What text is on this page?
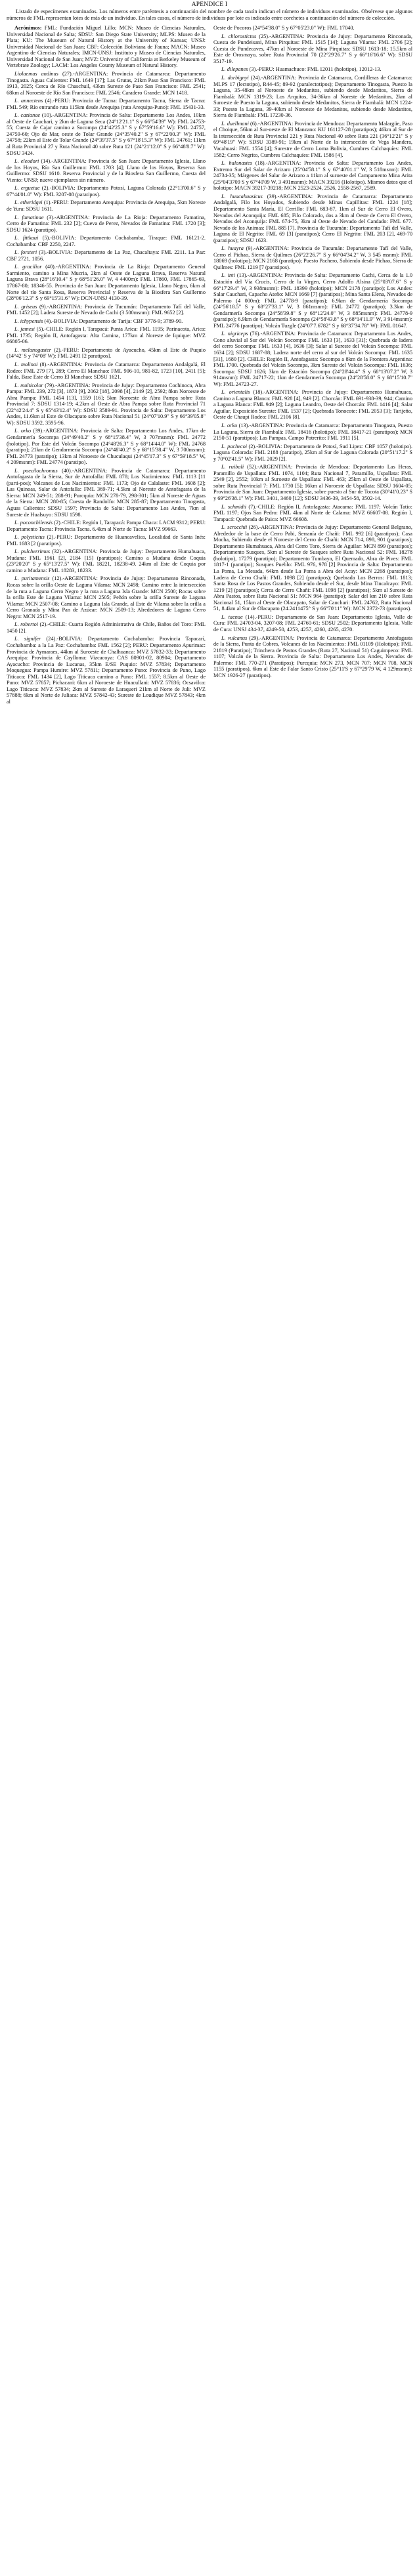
APENDICE I
Listado de especímenes examinados. Los números entre paréntesis a continuación del nombre de cada taxón indican el número de individuos examinados. Obsérvese que algunos números de FML representan lotes de más de un individuo. En tales casos, el número de individuos por lote es indicado entre corchetes a continuación del número de colección.

Acrónimos: FML: Fundación Miguel Lillo; MCN: Museo de Ciencias Naturales, Universidad Nacional de Salta; SDSU: San Diego State University; MLPS: Museo de la Plata; KU: The Museum of Natural History at the University of Kansas; UNSJ: Universidad Nacional de San Juan; CBF: Colección Boliviana de Fauna; MACN: Museo Argentino de Ciencias Naturales; IMCN-UNSJ: Instituto y Museo de Ciencias Naturales, Universidad Nacional de San Juan; MVZ: University of California at Berkeley Museum of Vertebrate Zoology; LACM: Los Angeles County Museum of Natural History.

Liolaemus andinus (27).-ARGENTINA: Provincia de Catamarca: Departamento Tinogasta. Aguas Calientes: FML 1649 [17]; Las Grutas, 21km Paso San Francisco: FML 1913, 2025; Cerca de Río Chaschuil, 43km Sureste de Paso San Francisco: FML 2541; 68km al Noroeste de Río San Francisco: FML 2546; Caradero Grande: MCN 1418.

L. annectens (4).-PERU: Provincia de Tacna: Departamento Tacna, Sierra de Tacna: FML 549; Río entrando ruta 115km desde Arequipa (ruta Arequipa-Puno): FML 15431-33.

L. cazianae (10).-ARGENTINA: Provincia de Salta: Departamento Los Andes, 10km al Oeste de Cauchari, y 2km de Laguna Seca (24°12'21.1" S y 66°54'39" W): FML 24753-55; Cuesta de Cajar camino a Socompa (24°42'25.3" S y 67°59'16.6" W): FML 24757, 24759-60; Ojo de Mar, oeste de Tolar Grande (24°35'40.2" S y 67°22'00.3" W): FML 24758; 22km al Este de Tolar Grande (24°39'37.5" S y 67°18'15.3" W): FML 24761; 11km al Ruta Provincial 27 y Ruta Nacional 40 sobre Ruta 121 (24°21'12.0" S y 66°48'8.7" W): SDSU 3424.

L. eleodori (14).-ARGENTINA: Provincia de San Juan: Departamento Iglesia, Llano de los Hoyos, Río San Guillermo: FML 1703 [4]; Llano de los Hoyos, Reserva San Guillermo: SDSU 1610. Reserva Provincial y de la Biosfera San Guillermo, Cuesta del Viento: UNSJ; nueve ejemplares sin número.

L. erguetae (2).-BOLIVIA: Departamento Potosí, Laguna Colorada (22°13'00.6" S y 67°44'01.0" W): FML 3207-08 (paratipos).

L. etheridgei (1).-PERU: Departamento Arequipa: Provincia de Arequipa, 5km Noreste de Yura: SDSU 1611.

L. famatinae (3).-ARGENTINA: Provincia de La Rioja: Departamento Famatina, Cerro de Famatina: FML 232 [2]; Cueva de Perez, Nevados de Famatina: FML 1720 [3]; SDSU 1624 (paratipo).

L. fittkaui (5).-BOLIVIA: Departamento Cochabamba, Tiraque: FML 16121-2. Cochabamba: CBF 2250, 2247.

L. forsteri (3).-BOLIVIA: Departamento de La Paz, Chacaltaya: FML 2211. La Paz: CBF 2721, 1056.

L. gracilior (40).-ARGENTINA: Provincia de La Rioja: Departamento General Sarmiento, camino a Mina Mucria, 2km al Oeste de Laguna Brava, Reserva Natural Laguna Brava (28°16'10.4" S y 68°51'26.0" W, 4 4400m): FML 17860, FML 17865-69, 17867-80; 18346-55. Provincia de San Juan: Departamento Iglesia, Llano Negro, 6km al Norte del río Santa Rosa, Reserva Provincial y Reserva de la Biosfera San Guillermo (28°06'12.3" S y 69°15'31.6" W): DCN-UNSJ 4130-39.

L. griseus (9).-ARGENTINA: Provincia de Tucumán: Departamento Tafí del Valle, FML 1452 [2]; Ladera Sureste de Nevado de Cachi (3 500msnm): FML 9652 [2].

L. ichypensis (4).-BOLIVIA: Departamento de Tarija: CBF 3778-9; 3789-90.

L. jamesi (5).-CHILE: Región I, Tarapacá: Punta Arica: FML 1195; Parinacota, Arica: FML 1735; Región II, Antofagasta: Alta Camina, 177km al Noreste de Iquique: MVZ 66805-06.

L. melanogaster (2).-PERU: Departamento de Ayacucho, 45km al Este de Puquio (14°42' S y 74°08' W): FML 2491 [2 paratipos].

L. molinai (8).-ARGENTINA: Provincia de Catamarca: Departamento Andalgalá, El Rodeo: FML 279 [7], 289; Cerro El Manchao: FML 906-10, 981-82, 1723 [10], 2411 [5]; Falda, Base Este de Cerro El Manchao: SDSU 1621.

L. multicolor (79).-ARGENTINA: Provincia de Jujuy: Departamento Cochinoca, Abra Pampa: FML 239, 272 [3], 1873 [9], 2062 [18], 2098 [4], 2149 [2], 2592; 8km Noroeste de Abra Pampa: FML 1454 [13], 1559 [16]; 5km Noroeste de Abra Pampa sobre Ruta Provincial 7: SDSU 1314-19; 4.2km al Oeste de Abra Pampa sobre Ruta Provincial 71 (22°42'24.4" S y 65°43'12.4" W): SDSU 3589-91. Provincia de Salta: Departamento Los Andes, 11.6km al Este de Olacapato sobre Ruta Nacional 51 (24°07'10.9" S y 66°39'05.8" W): SDSU 3592, 3595-96.

L. orko (39).-ARGENTINA: Provincia de Salta: Departamento Los Andes, 17km de Gendarmería Socompa (24°49'40.2" S y 68°15'38.4" W, 3 707msnm): FML 24772 (holotipo). Por Este del Volcán Socompa (24°48'26.3" S y 68°14'44.0" W): FML 24768 (paratipo); 21km de Gendarmería Socompa (24°48'40.2" S y 68°15'38.4" W, 3 700msnm): FML 24773 (paratipo); 13km al Noroeste de Chuculaqui (24°45'17.3" S y 67°59'18.5" W, 4 209msnm): FML 24774 (paratipo).

L. poecilochromus (40).-ARGENTINA: Provincia de Catamarca: Departamento Antofagasta de la Sierra, Sur de Antofalla: FML 878; Los Nacimientos: FML 1113 [11 (parti-pos); Volcanes de Los Nacimientos: FML 1173; Ojo de Calalaste: FML 1608 [2]; Las Quinoas, Salar de Antofalla: FML 369-71; 4.5km al Noreste de Antofagasta de la Sierra: MCN 249-51; 288-91; Purcquia: MCN 278-79, 298-301; 5km al Noreste de Aguas de la Sierra: MCN 280-85; Cuesta de Randolfo: MCN 285-87; Departamento Tinogasta, Aguas Calientes: SDSU 1597; Provincia de Salta: Departamento Los Andes, 7km al Sureste de Hualsuyo: SDSU 1598.

L. poconchilensis (2).-CHILE: Región I, Tarapacá: Pampa Chaca: LACM 9312; PERU: Departamento Tacna: Provincia Tacna. 6.4km al Norte de Tacna: MVZ 99663.

L. polystictus (2).-PERU: Departamento de Huancavelica, Localidad de Santa Inés: FML 1683 [2 (paratipos).

L. pulcherrimus (32).-ARGENTINA: Provincia de Jujuy: Departamento Humahuaca, Mudana: FML 1961 [2], 2184 [15] (paratipos); Camino a Mudana desde Coquia (23°20'20" S y 65°13'27.5" W): FML 18221, 18238-49. 24km al Este de Coquia por camino a Mudana: FML 18283, 18233.

L. puritamensis (12).-ARGENTINA: Provincia de Jujuy: Departamento Rinconada, Rocas sobre la orilla Oeste de Laguna Vilama: MCN 2498; Camino entre la intersección de la ruta a Laguna Cerro Negro y la ruta a Laguna Isla Grande: MCN 2500; Rocas sobre la orilla Este de Laguna Vilama: MCN 2505; Peñón sobre la orilla Sureste de Laguna Vilama: MCN 2507-08; Camino a Laguna Isla Grande, al Este de Vilama sobre la orilla a Cerro Granada y Mina Pan de Azúcar: MCN 2509-13; Alrededores de Laguna Cerro Negro: MCN 2517-19.

L. robertoi (2).-CHILE: Cuarta Región Administrativa de Chile, Baños del Toro: FML 1450 [2].

L. signifer (24).-BOLIVIA: Departamento Cochabamba: Provincia Tapacarí, Cochabamba: a la La Paz: Cochabamba: FML 1562 [2]; PERU: Departamento Apurimac: Provincia de Aymaraes, 44km al Suroeste de Chalhuanca: MVZ 57832-33; Departamento Arequipa: Provincia de Caylloma: Vizcacoya: CAS 80901-02, 80904; Departamento Ayacucho: Provincia de Lucanas, 35km E/SE Puquio: MVZ 57834; Departamento Moquegua: Pampa Humire: MVZ 57811; Departamento Puno: Provincia de Puno, Lago Titicaca: FML 1434 [2], Lago Titicaca camino a Puno: FML 1557; 8.5km al Oeste de Puno: MVZ 57857; Pichacani: 6km al Noroeste de Huacullani: MVZ 57836; Ocsavilca: Lago Titicaca: MVZ 57834; 2km al Sureste de Laraqueri 21km al Norte de Juli: MVZ 57888; 6km al Norte de Juliaca: MVZ 57842-43; Sureste de Loudique MVZ 57843; 4km al

Oeste de Pocoros (24°54'38.0" S y 67°05'23.0" W): FML 17040.

L. chlorostictus (25).-ARGENTINA: Provincia de Jujuy: Departamento Rinconada, Cuesta de Pundeisani, Mina Pirquitas: FML 1515 [14]; Laguna Vilama: FML 2706 [2]; Cuesta de Pundecaves, 47km al Noroeste de Mina Pirquitas: SDSU 1613-18; 15.5km al Este de Orosmayo, sobre Ruta Provincial 70 (22°29'26.7" S y 66°16'16.6" W): SDSU 3517-19.

L. dilepanes (3).-PERU: Huamachuco: FML 12011 (holotipo), 12012-13.

L. dorbignyi (24).-ARGENTINA: Provincia de Catamarca, Cordilleras de Catamarca: MLPS 17 (lectotipo), R44-45; 89-92 (paralectotipos); Departamento Tinogasta, Puesto la Laguna, 35-48km al Noroeste de Medanitos, subiendo desde Medanitos, Sierra de Fiambalá: MCN 1319-23; Los Arquitos, 34-36km al Noreste de Medanitos, 2km al Suroeste de Puesto la Laguna, subiendo desde Medanitos, Sierra de Fiambalá: MCN 1224-33; Puesto la Laguna, 39-40km al Noroeste de Medanitos, subiendo desde Medanitos, Sierra de Fiambalá: FML 17230-36.

L. duellmani (6).-ARGENTINA: Provincia de Mendoza: Departamento Malargüe, Paso el Choique, 56km al Sur-oeste de El Manzano: KU 161127-28 (paratipos); 46km al Sur de la intersección de Ruta Provincial 221 y Ruta Nacional 40 sobre Ruta 221 (36°12'21" S y 69°48'19" W): SDSU 3389-91; 19km al Norte de la intersección de Vega Mandera, Vacahuasi: FML 1554 [4]; Surestre de Cerro Loma Bolivia, Cumbres Calchaquíes: FML 1582; Cerro Negrito, Cumbres Calchaquíes: FML 1586 [4].

L. halonastes (18).-ARGENTINA: Provincia de Salta: Departamento Los Andes, Extremo Sur del Salar de Arizaro (25°04'58.1" S y 67°40'01.1" W, 3 518msnm): FML 24734-35; Márgenes del Salar de Arizaro a 11km al suroeste del Campamento Mina Arita (25°04'3709 S y 67°40'09 W, 3 491msnm): MACN 39216 (Holotipo). Mismos datos que el holotipo: MACN 39217-39218; MCN 2523-2524, 2526, 2558-2567, 2589.

L. huacahuasicus (39).-ARGENTINA: Provincia de Catamarca: Departamento Andalgalá, Filo los Hoyados, Subiendo desde Minas Capillitas: FML 1224 [18]; Departamento Santa María, El Cerrillo: FML 683-87, 1km al Sur de Cerro El Overo, Nevados del Aconquija: FML 685; Filo Colorado, dos a 3km al Oeste de Cerro El Overo, Nevados del Aconquija: FML 674-75, 3km al Oeste de Nevado del Candado: FML 677. Nevado de los Animas: FML 885 [7]. Provincia de Tucumán: Departamento Tafí del Valle, Laguna de El Negrito: FML 69 [3] (paratipos); Cerro El Negrito: FML 203 [2], 469-70 (paratipos); SDSU 1623.

L. huayra (9).-ARGENTINA: Provincia de Tucumán: Departamento Tafí del Valle, Cerro el Pichao, Sierra de Quilmes (26°22'26.7" S y 66°04'34.2" W, 3 545 msnm): FML 18069 (holotipo); MCN 2168 (paratipo); Puesto Pachero, Subiendo desde Pichao, Sierra de Quilmes: FML 1219 [7 (paratipos).

L. inti (13).-ARGENTINA: Provincia de Salta: Departamento Cachi, Cerca de la 1.0 Estación del Vía Crucis, Cerro de la Virgen, Cerro Adolfo Alsina (25°03'07.6" S y 66°17'29.4" W, 3 938msnm): FML 18399 (holotipo); MCN 2178 (paratipo); Los Andes: Salar Cauchari, Capacho Ateño: MCN 1669 [7] (paratipos); Mina Santa Elena, Nevados de Palermo (4 000m): FML 24778-9 (paratipos); 6.9km de Gendarmería Socompa (24°56'18.5" S y 68°27'33.1" W, 3 861msnm): FML 24772 (paratipo); 3.3km de Gendarmería Socompa (24°58'39.8" S y 68°12'24.0" W, 3 885msnm): FML 24778-9 (paratipo); 6.9km de Gendarmería Socompa (24°58'43.8" S y 68°14'11.9" W, 3 914msnm): FML 24776 (paratipo); Volcán Tuzgle (24°07'7.6782" S y 68°37'34.78" W): FML 01647.

L. nigriceps (76).-ARGENTINA: Provincia de Catamarca: Departamento Los Andes, Cono aluvial al Sur del Volcán Socompa: FML 1633 [3], 1633 [31]; Quebrada de ladera del cerro Socompa: FML 1633 [4], 1636 [3]; Salar al Sureste del Volcán Socompa: FML 1634 [2]; SDSU 1687-88; Ladera norte del cerro al sur del Volcán Socompa: FML 1635 [31], 1680 [2]. CHILE: Región II, Antofagasta: Socompa a 8km de la Frontera Argentina: FML 1700. Quebrada del Volcán Socompa, 3km Sureste del Volcán Socompa: FML 1636; Socompa: SDSU 1626; 3km de Estación Socompa (24°28'44.4" S y 68°13'07.2" W, 3 914msnm): FML 24717-22; 1km de Gendarmería Socompa (24°28'58.0" S y 68°15'10.7" W): FML 24723-27.

L. orientalis (18).-ARGENTINA: Provincia de Jujuy: Departamento Humahuaca, Camino a Laguna Blanca: FML 928 [4], 949 [2]. Chorcán: FML 691-938-39, 944; Camino a Laguna Blanca: FML 949 [2]; Laguna Leandro, Oeste del Chorcán: FML 1416 [4]; Salar Aguilar, Exposición Sureste: FML 1537 [2]; Quebrada Tonocote: FML 2053 [3]; Tarijeño, Oeste de Chaupi Rodeo: FML 2106 [8].

L. orko (13).-ARGENTINA: Provincia de Catamarca: Departamento Tinogasta, Puesto La Laguna, Sierra de Fiambalá: FML 18416 (holotipo); FML 18417-21 (paratipos); MCN 2150-51 (paratipos); Las Pampas, Campo Potrerito: FML 1911 [5].

L. pachecoi (2).-BOLIVIA: Departamento de Potosí, Sud Lipez: CBF 1057 (holotipo). Laguna Colorada: FML 2188 (paratipo), 25km al Sur de Laguna Colorada (20°51'17.2" S y 70°02'41.5" W): FML 2029 [2].

L. ruibali (52).-ARGENTINA: Provincia de Mendoza: Departamento Las Heras, Paramillo de Uspallata: FML 1074, 1104; Ruta Nacional 7, Paramillo, Uspallata: FML 2549 [2], 2552; 10km al Suroeste de Uspallata: FML 463; 25km al Oeste de Uspallata, sobre Ruta Provincial 7: FML 1730 [5]; 16km al Noroeste de Uspallata: SDSU 1604-05; Provincia de San Juan: Departamento Iglesia, sobre puesto al Sur de Tocota (30°41'0.23" S y 69°26'38.1" W): FML 3401, 3460 [12]; SDSU 3436-39, 3454-58, 3502-14.

L. schmidti (7).-CHILE: Región II, Antofagasta: Atacama: FML 1197; Volcán Tatio: FML 1197; Ojos San Pedro: FML 4km al Norte de Calama: MVZ 66607-08. Región I, Tarapacá: Quebrada de Paica: MVZ 66608.

L. scrocchii (26).-ARGENTINA: Provincia de Jujuy: Departamento General Belgrano, Alrededor de la base de Cerro Pabi, Serranía de Chañi: FML 992 [6] (paratipos); Casa Mocha, Subiendo desde el Noroeste del Cerro de Chañi: MCN 714, 898, 901 (paratipos); Departamento Humahuaca, Abra del Cerro Toro, Sierra de Aguilar: MCN 899 (paratipos); Departamento Susques, 5km al Sureste de Susques sobre Ruta Nacional 52: FML 18278 (holotipo), 17279 (paratipo); Departamento Tumbaya, El Quemado, Abra de Pives: FML 1817-1 (paratipo); Susques Pueblo: FML 976, 978 [2] Provincia de Salta: Departamento La Poma, La Mesada, 64km desde La Poma a Abra del Acay: MCN 2268 (paratipos); Ladera de Cerro Chañi: FML 1098 [2] (paratipos); Quebrada Los Berros: FML 1813; Santa Rosa de Los Pastos Grandes, Subiendo desde el Sur, desde Mina Tincalcayo: FML 1219 [2] (paratipos); Cerca de Cerro Chañi: FML 1098 [2] (paratipos); 5km al Sureste de Abra Pastos, sobre Ruta Nacional 51: MCN 964 (paratipo); Salar del km 210 sobre Ruta Nacional 51, 15km al Oeste de Olacapato, Salar de Cauchari: FML 24762, Ruta Nacional 51, 8.4km al Sur de Olacapato (24.2411475° S y 66°70'11" W): MCN 2372-73 (paratipos).

L. tacnae (14).-PERU: Departamento de San Juan: Departamento Iglesia, Valle de Cura: FML 24703-04, 3207-08; FML 24760-61; SDSU 2502; Departamento Iglesia, Valle de Cura: UNSJ 434-37, 4249-50, 4253, 4257, 4260, 4265, 4270.

L. vulcanus (29).-ARGENTINA: Provincia de Catamarca: Departamento Antofagasta de la Sierra, Punta de Cobres, Volcanes de los Nacimientos: FML 01109 (Holotipo); FML 21819 (Paratipo); Trinchera de Pastos Grandes (Ruta 27, Nacional 51) Caguimpeco: FML 1107; Volcán de la Sierra. Provincia de Salta: Departamento Los Andes, Nevados de Palermo: FML 770-271 (Paratipos); Purcquia: MCN 273, MCN 707; MCN 708, MCN 1155 (paratipos), 6km al Este de Falar Santo Cristo (25°11'S y 67°29'79 W, 4 129msnm): MCN 1926-27 (paratipos).
